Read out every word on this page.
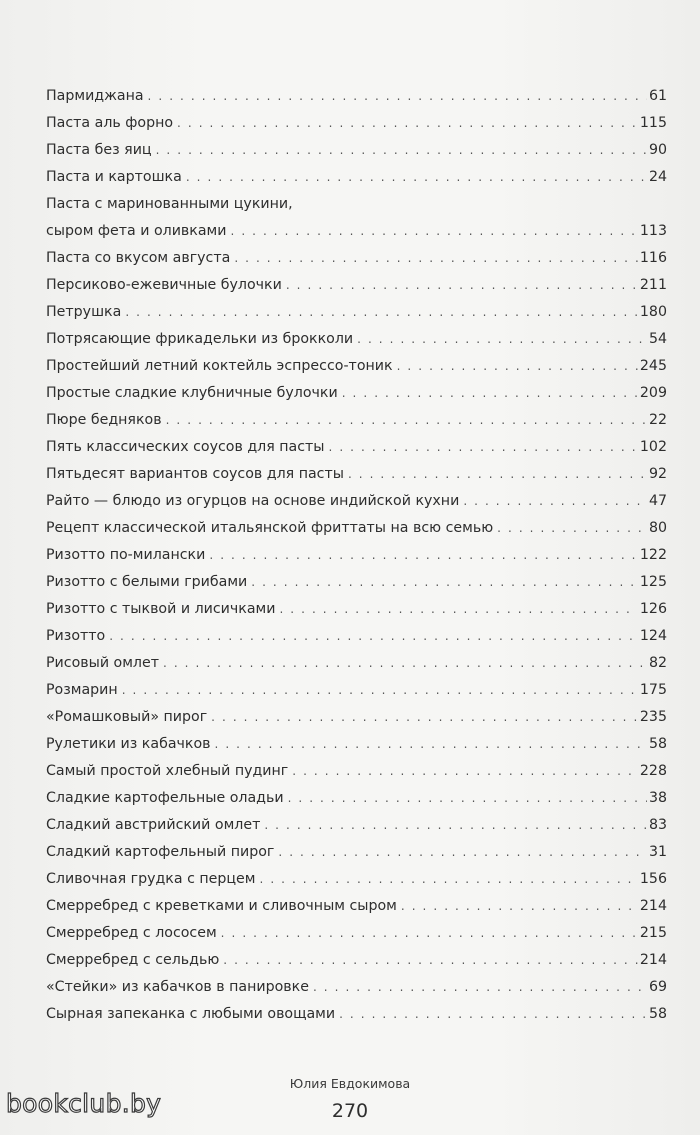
Пармиджана . . .	61
Паста аль форно . . .	115
Паста без яиц . . .	90
Паста и картошка . . .	24
Паста с маринованными цукини,
сыром фета и оливками . . .	113
Паста со вкусом августа . . .	116
Персиково-ежевичные булочки . . .	211
Петрушка . . .	180
Потрясающие фрикадельки из брокколи . . .	54
Простейший летний коктейль эспрессо-тоник . . .	245
Простые сладкие клубничные булочки . . .	209
Пюре бедняков . . .	22
Пять классических соусов для пасты . . .	102
Пятьдесят вариантов соусов для пасты . . .	92
Райто — блюдо из огурцов на основе индийской кухни . . .	47
Рецепт классической итальянской фриттаты на всю семью . . .	80
Ризотто по-милански . . .	122
Ризотто с белыми грибами . . .	125
Ризотто с тыквой и лисичками . . .	126
Ризотто . . .	124
Рисовый омлет . . .	82
Розмарин . . .	175
«Ромашковый» пирог . . .	235
Рулетики из кабачков . . .	58
Самый простой хлебный пудинг . . .	228
Сладкие картофельные оладьи . . .	38
Сладкий австрийский омлет . . .	83
Сладкий картофельный пирог . . .	31
Сливочная грудка с перцем . . .	156
Смерребред с креветками и сливочным сыром . . .	214
Смерребред с лососем . . .	215
Смерребред с сельдью . . .	214
«Стейки» из кабачков в панировке . . .	69
Сырная запеканка с любыми овощами . . .	58
Юлия Евдокимова
270
bookclub.by
